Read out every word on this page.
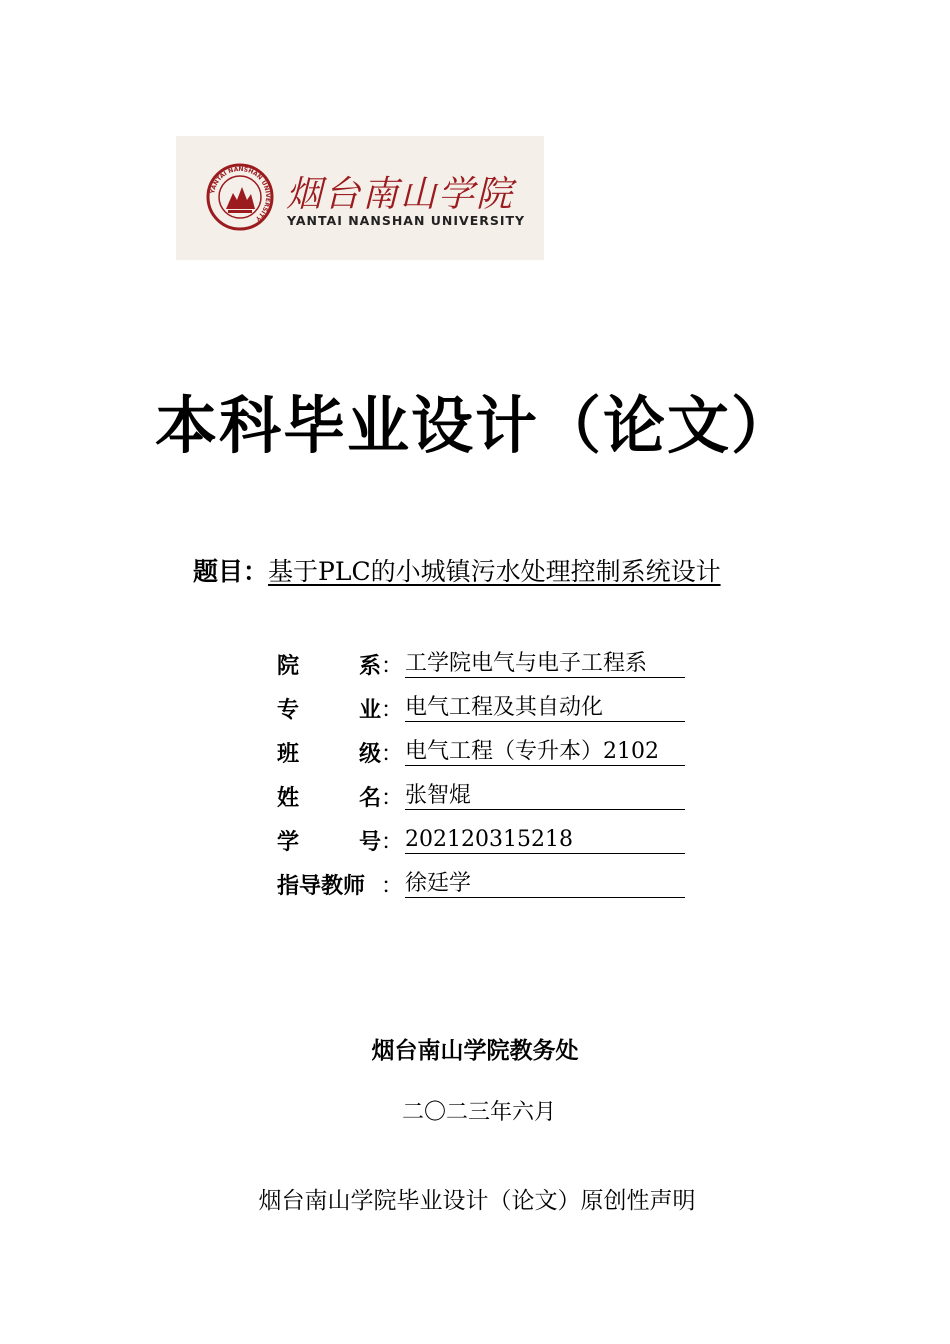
YANTAI NANSHAN UNIVERSITY
烟台南山学院
YANTAI NANSHAN UNIVERSITY
本科毕业设计（论文）
题目：基于PLC的小城镇污水处理控制系统设计
院	系 ： 工学院电气与电子工程系
专	业 ： 电气工程及其自动化
班	级 ： 电气工程（专升本）2102
姓	名 ： 张智焜
学	号 ： 202120315218
指导教师 ： 徐廷学
烟台南山学院教务处
二〇二三年六月
烟台南山学院毕业设计（论文）原创性声明
